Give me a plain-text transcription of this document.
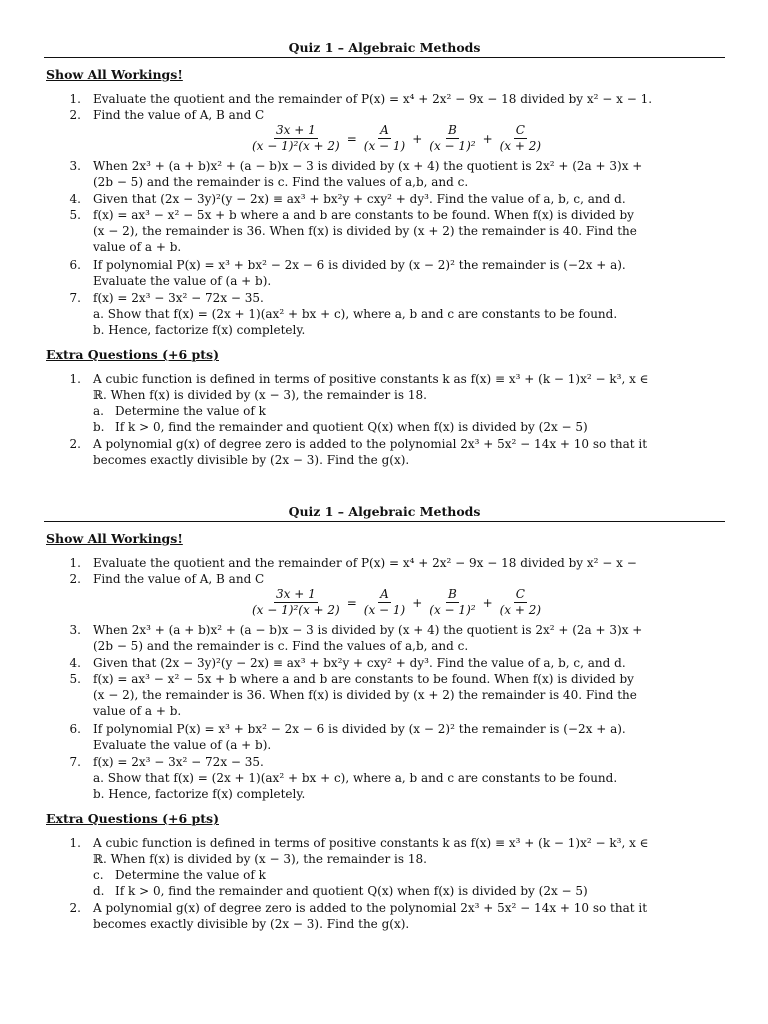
Quiz 1 – Algebraic Methods
Show All Workings!
1. Evaluate the quotient and the remainder of P(x) = x⁴ + 2x² − 9x − 18 divided by x² − x − 1.
2. Find the value of A, B and C
$\frac{3x + 1}{\text{(x − 1)²(x + 2)}} = \frac{A}{(x - 1)} + \frac{B}{\text{(x − 1)²}} + \frac{C}{(x + 2)}$
3. When 2x³ + (a + b)x² + (a − b)x − 3 is divided by (x + 4) the quotient is 2x² + (2a + 3)x +
(2b − 5) and the remainder is c. Find the values of a,b, and c.
4. Given that (2x − 3y)²(y − 2x) ≡ ax³ + bx²y + cxy² + dy³. Find the value of a, b, c, and d.
5. f(x) = ax³ − x² − 5x + b where a and b are constants to be found. When f(x) is divided by
(x − 2), the remainder is 36. When f(x) is divided by (x + 2) the remainder is 40. Find the
value of a + b.
6. If polynomial P(x) = x³ + bx² − 2x − 6 is divided by (x − 2)² the remainder is (−2x + a).
Evaluate the value of (a + b).
7. f(x) = 2x³ − 3x² − 72x − 35.
a. Show that f(x) = (2x + 1)(ax² + bx + c), where a, b and c are constants to be found.
b. Hence, factorize f(x) completely.
Extra Questions (+6 pts)
1. A cubic function is defined in terms of positive constants k as f(x) ≡ x³ + (k − 1)x² − k³, x ∈
ℝ. When f(x) is divided by (x − 3), the remainder is 18.
a. Determine the value of k
b. If k > 0, find the remainder and quotient Q(x) when f(x) is divided by (2x − 5)
2. A polynomial g(x) of degree zero is added to the polynomial 2x³ + 5x² − 14x + 10 so that it
becomes exactly divisible by (2x − 3). Find the g(x).
Quiz 1 – Algebraic Methods
Show All Workings!
1. Evaluate the quotient and the remainder of P(x) = x⁴ + 2x² − 9x − 18 divided by x² − x −
2. Find the value of A, B and C
$\frac{3x + 1}{\text{(x − 1)²(x + 2)}} = \frac{A}{(x - 1)} + \frac{B}{\text{(x − 1)²}} + \frac{C}{(x + 2)}$
3. When 2x³ + (a + b)x² + (a − b)x − 3 is divided by (x + 4) the quotient is 2x² + (2a + 3)x +
(2b − 5) and the remainder is c. Find the values of a,b, and c.
4. Given that (2x − 3y)²(y − 2x) ≡ ax³ + bx²y + cxy² + dy³. Find the value of a, b, c, and d.
5. f(x) = ax³ − x² − 5x + b where a and b are constants to be found. When f(x) is divided by
(x − 2), the remainder is 36. When f(x) is divided by (x + 2) the remainder is 40. Find the
value of a + b.
6. If polynomial P(x) = x³ + bx² − 2x − 6 is divided by (x − 2)² the remainder is (−2x + a).
Evaluate the value of (a + b).
7. f(x) = 2x³ − 3x² − 72x − 35.
a. Show that f(x) = (2x + 1)(ax² + bx + c), where a, b and c are constants to be found.
b. Hence, factorize f(x) completely.
Extra Questions (+6 pts)
1. A cubic function is defined in terms of positive constants k as f(x) ≡ x³ + (k − 1)x² − k³, x ∈
ℝ. When f(x) is divided by (x − 3), the remainder is 18.
c. Determine the value of k
d. If k > 0, find the remainder and quotient Q(x) when f(x) is divided by (2x − 5)
2. A polynomial g(x) of degree zero is added to the polynomial 2x³ + 5x² − 14x + 10 so that it
becomes exactly divisible by (2x − 3). Find the g(x).
